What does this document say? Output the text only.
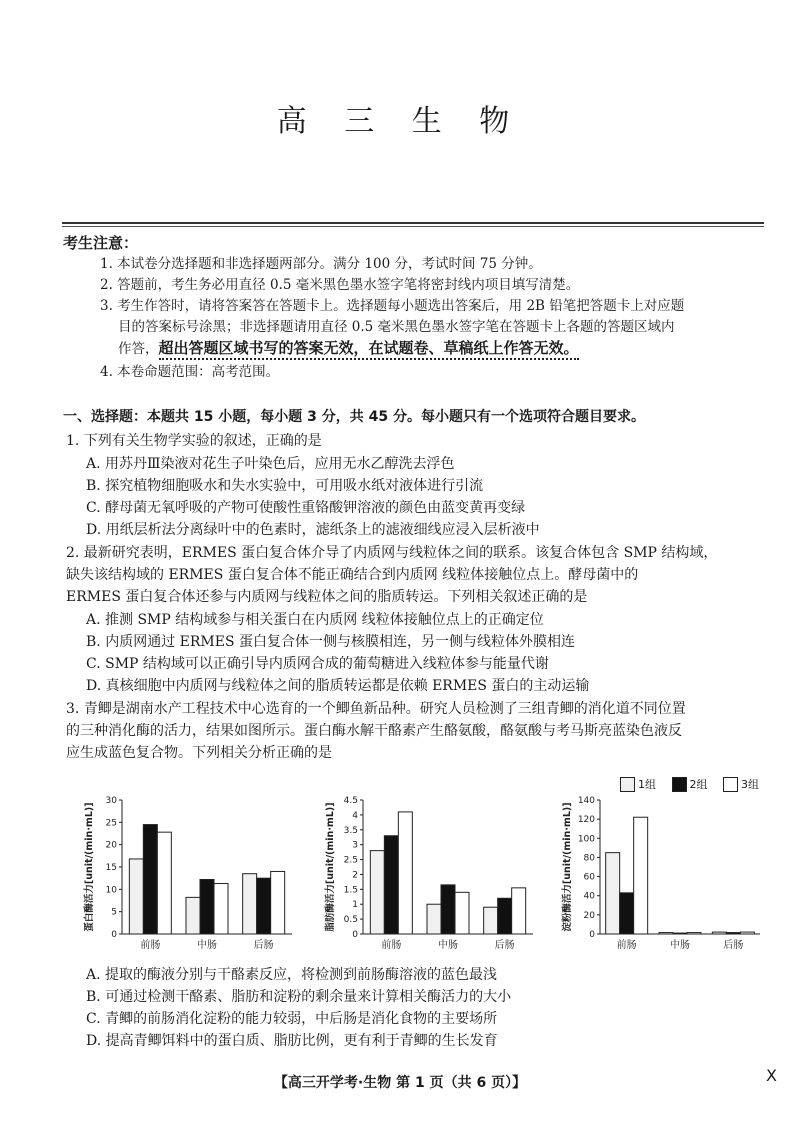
高 三 生 物
考生注意：
1. 本试卷分选择题和非选择题两部分。满分 100 分，考试时间 75 分钟。
2. 答题前，考生务必用直径 0.5 毫米黑色墨水签字笔将密封线内项目填写清楚。
3. 考生作答时，请将答案答在答题卡上。选择题每小题选出答案后，用 2B 铅笔把答题卡上对应题
目的答案标号涂黑；非选择题请用直径 0.5 毫米黑色墨水签字笔在答题卡上各题的答题区域内
作答，超出答题区域书写的答案无效，在试题卷、草稿纸上作答无效。
4. 本卷命题范围：高考范围。
一、选择题：本题共 15 小题，每小题 3 分，共 45 分。每小题只有一个选项符合题目要求。
1. 下列有关生物学实验的叙述，正确的是
A. 用苏丹Ⅲ染液对花生子叶染色后，应用无水乙醇洗去浮色
B. 探究植物细胞吸水和失水实验中，可用吸水纸对液体进行引流
C. 酵母菌无氧呼吸的产物可使酸性重铬酸钾溶液的颜色由蓝变黄再变绿
D. 用纸层析法分离绿叶中的色素时，滤纸条上的滤液细线应浸入层析液中
2. 最新研究表明，ERMES 蛋白复合体介导了内质网与线粒体之间的联系。该复合体包含 SMP 结构域，
缺失该结构域的 ERMES 蛋白复合体不能正确结合到内质网 线粒体接触位点上。酵母菌中的
ERMES 蛋白复合体还参与内质网与线粒体之间的脂质转运。下列相关叙述正确的是
A. 推测 SMP 结构域参与相关蛋白在内质网 线粒体接触位点上的正确定位
B. 内质网通过 ERMES 蛋白复合体一侧与核膜相连，另一侧与线粒体外膜相连
C. SMP 结构域可以正确引导内质网合成的葡萄糖进入线粒体参与能量代谢
D. 真核细胞中内质网与线粒体之间的脂质转运都是依赖 ERMES 蛋白的主动运输
3. 青鲫是湖南水产工程技术中心选育的一个鲫鱼新品种。研究人员检测了三组青鲫的消化道不同位置
的三种消化酶的活力，结果如图所示。蛋白酶水解干酪素产生酪氨酸，酪氨酸与考马斯亮蓝染色液反
应生成蓝色复合物。下列相关分析正确的是
1组	2组	3组
0
5
10
15
20
25
30
蛋白酶活力[unit/(min·mL)]
前肠	中肠	后肠
0
0.5
1
1.5
2
2.5
3
3.5
4
4.5
脂肪酶活力[unit/(min·mL)]
前肠	中肠	后肠
0
20
40
60
80
100
120
140
淀粉酶活力[unit/(min·mL)]
前肠	中肠	后肠
A. 提取的酶液分别与干酪素反应，将检测到前肠酶溶液的蓝色最浅
B. 可通过检测干酪素、脂肪和淀粉的剩余量来计算相关酶活力的大小
C. 青鲫的前肠消化淀粉的能力较弱，中后肠是消化食物的主要场所
D. 提高青鲫饵料中的蛋白质、脂肪比例，更有利于青鲫的生长发育
【高三开学考·生物 第 1 页（共 6 页）】	X
